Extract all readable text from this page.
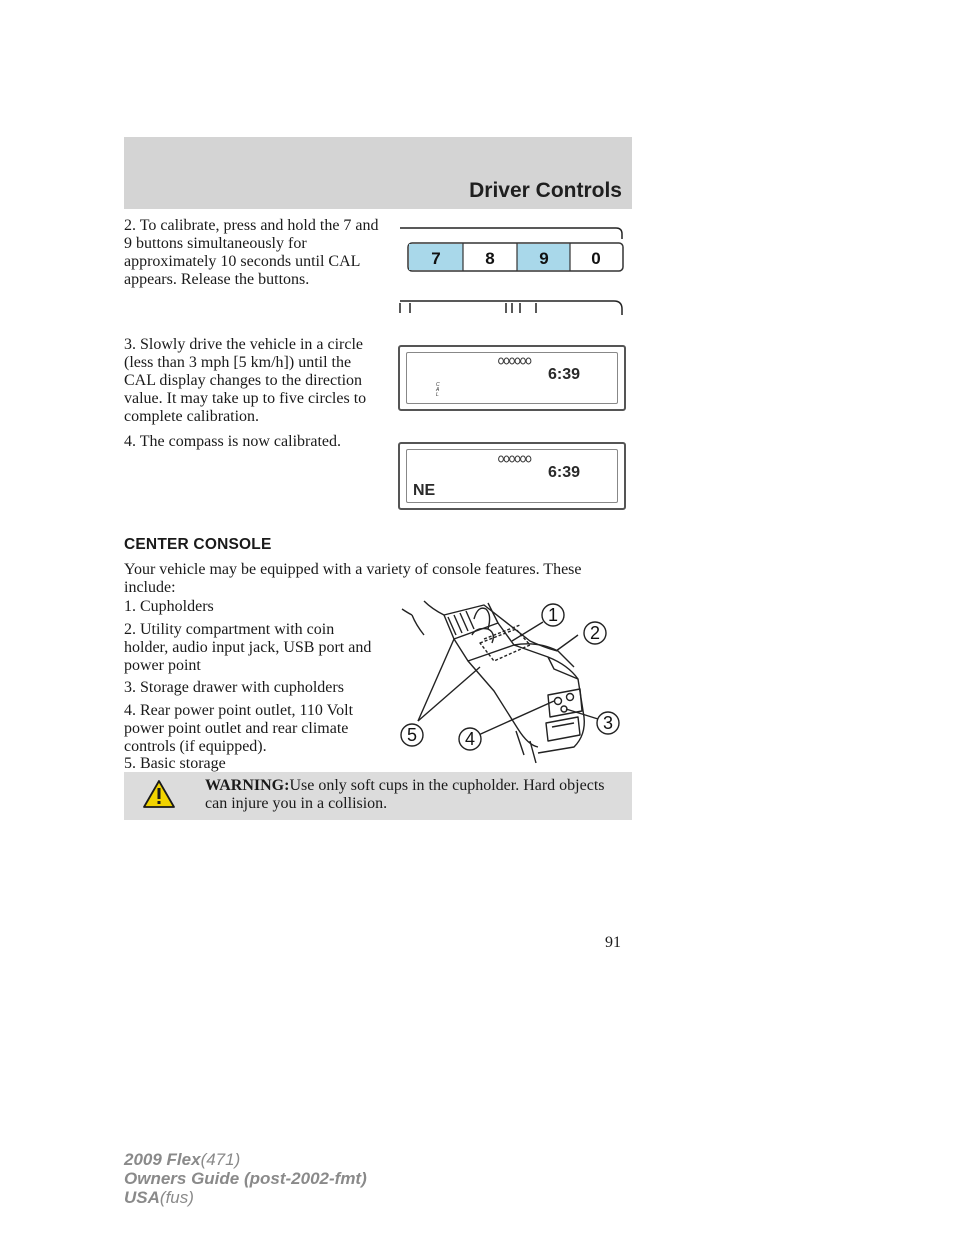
Driver Controls

2. To calibrate, press and hold the 7 and 9 buttons simultaneously for approximately 10 seconds until CAL appears. Release the buttons.

3. Slowly drive the vehicle in a circle (less than 3 mph [5 km/h]) until the CAL display changes to the direction value. It may take up to five circles to complete calibration.

4. The compass is now calibrated.

7	8	9	0
6:39
C
A
L
6:39
NE
CENTER CONSOLE

Your vehicle may be equipped with a variety of console features. These include:

1. Cupholders

2. Utility compartment with coin holder, audio input jack, USB port and power point

3. Storage drawer with cupholders

4. Rear power point outlet, 110 Volt power point outlet and rear climate controls (if equipped).

5. Basic storage

1
2
3
4
5
WARNING:Use only soft cups in the cupholder. Hard objects can injure you in a collision.
91
2009 Flex(471)
Owners Guide (post-2002-fmt)
USA(fus)
